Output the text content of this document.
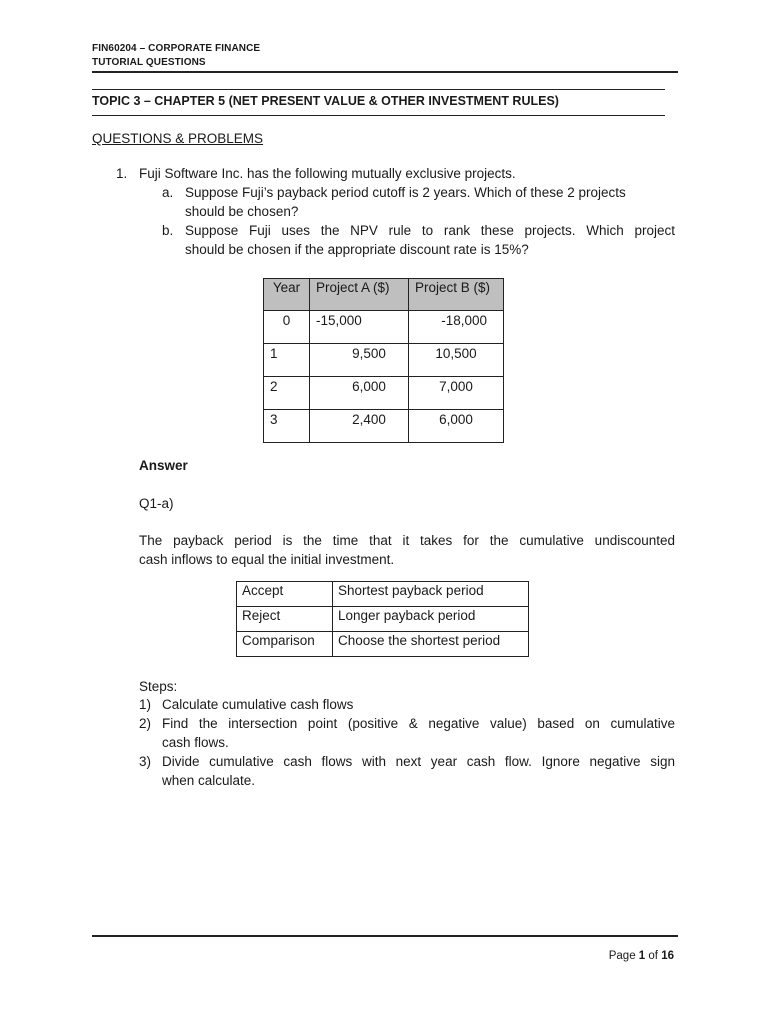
FIN60204 – CORPORATE FINANCE
TUTORIAL QUESTIONS
TOPIC 3 – CHAPTER 5 (NET PRESENT VALUE & OTHER INVESTMENT RULES)
QUESTIONS & PROBLEMS
1. Fuji Software Inc. has the following mutually exclusive projects.
a. Suppose Fuji’s payback period cutoff is 2 years. Which of these 2 projects
should be chosen?
b. Suppose Fuji uses the NPV rule to rank these projects. Which project
should be chosen if the appropriate discount rate is 15%?
Year	Project A ($)	Project B ($)
0	-15,000	-18,000
1	9,500	10,500
2	6,000	7,000
3	2,400	6,000
Answer
Q1-a)
The payback period is the time that it takes for the cumulative undiscounted
cash inflows to equal the initial investment.
Accept	Shortest payback period
Reject	Longer payback period
Comparison	Choose the shortest period
Steps:
1) Calculate cumulative cash flows
2) Find the intersection point (positive & negative value) based on cumulative
cash flows.
3) Divide cumulative cash flows with next year cash flow. Ignore negative sign
when calculate.
Page 1 of 16
